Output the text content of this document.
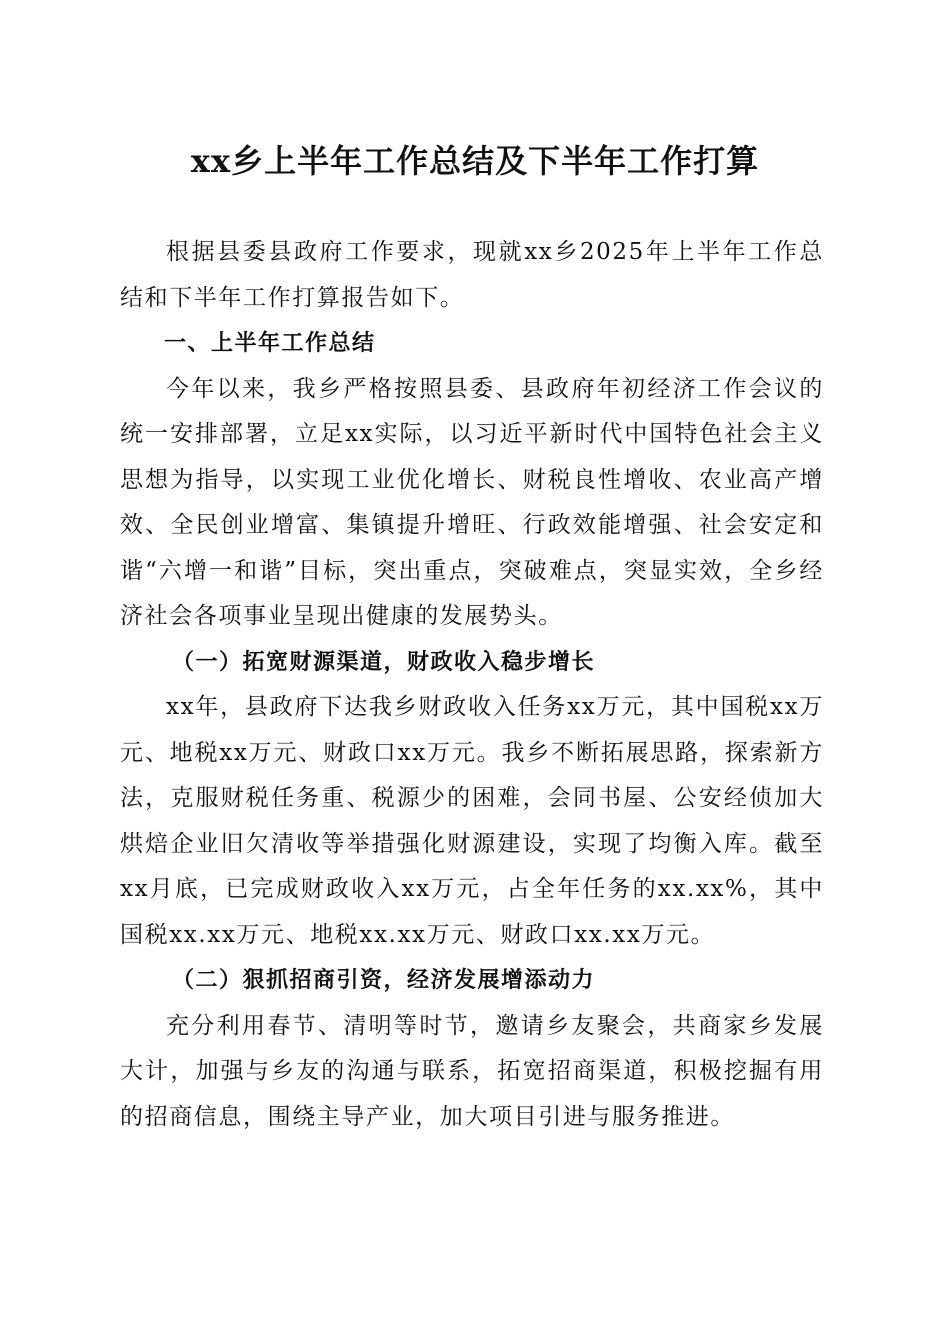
xx乡上半年工作总结及下半年工作打算

根据县委县政府工作要求，现就xx乡2025年上半年工作总结和下半年工作打算报告如下。

一、上半年工作总结

今年以来，我乡严格按照县委、县政府年初经济工作会议的统一安排部署，立足xx实际，以习近平新时代中国特色社会主义思想为指导，以实现工业优化增长、财税良性增收、农业高产增效、全民创业增富、集镇提升增旺、行政效能增强、社会安定和谐“六增一和谐”目标，突出重点，突破难点，突显实效，全乡经济社会各项事业呈现出健康的发展势头。

（一）拓宽财源渠道，财政收入稳步增长

xx年，县政府下达我乡财政收入任务xx万元，其中国税xx万元、地税xx万元、财政口xx万元。我乡不断拓展思路，探索新方法，克服财税任务重、税源少的困难，会同书屋、公安经侦加大烘焙企业旧欠清收等举措强化财源建设，实现了均衡入库。截至xx月底，已完成财政收入xx万元，占全年任务的xx.xx%，其中国税xx.xx万元、地税xx.xx万元、财政口xx.xx万元。

（二）狠抓招商引资，经济发展增添动力

充分利用春节、清明等时节，邀请乡友聚会，共商家乡发展大计，加强与乡友的沟通与联系，拓宽招商渠道，积极挖掘有用的招商信息，围绕主导产业，加大项目引进与服务推进。
